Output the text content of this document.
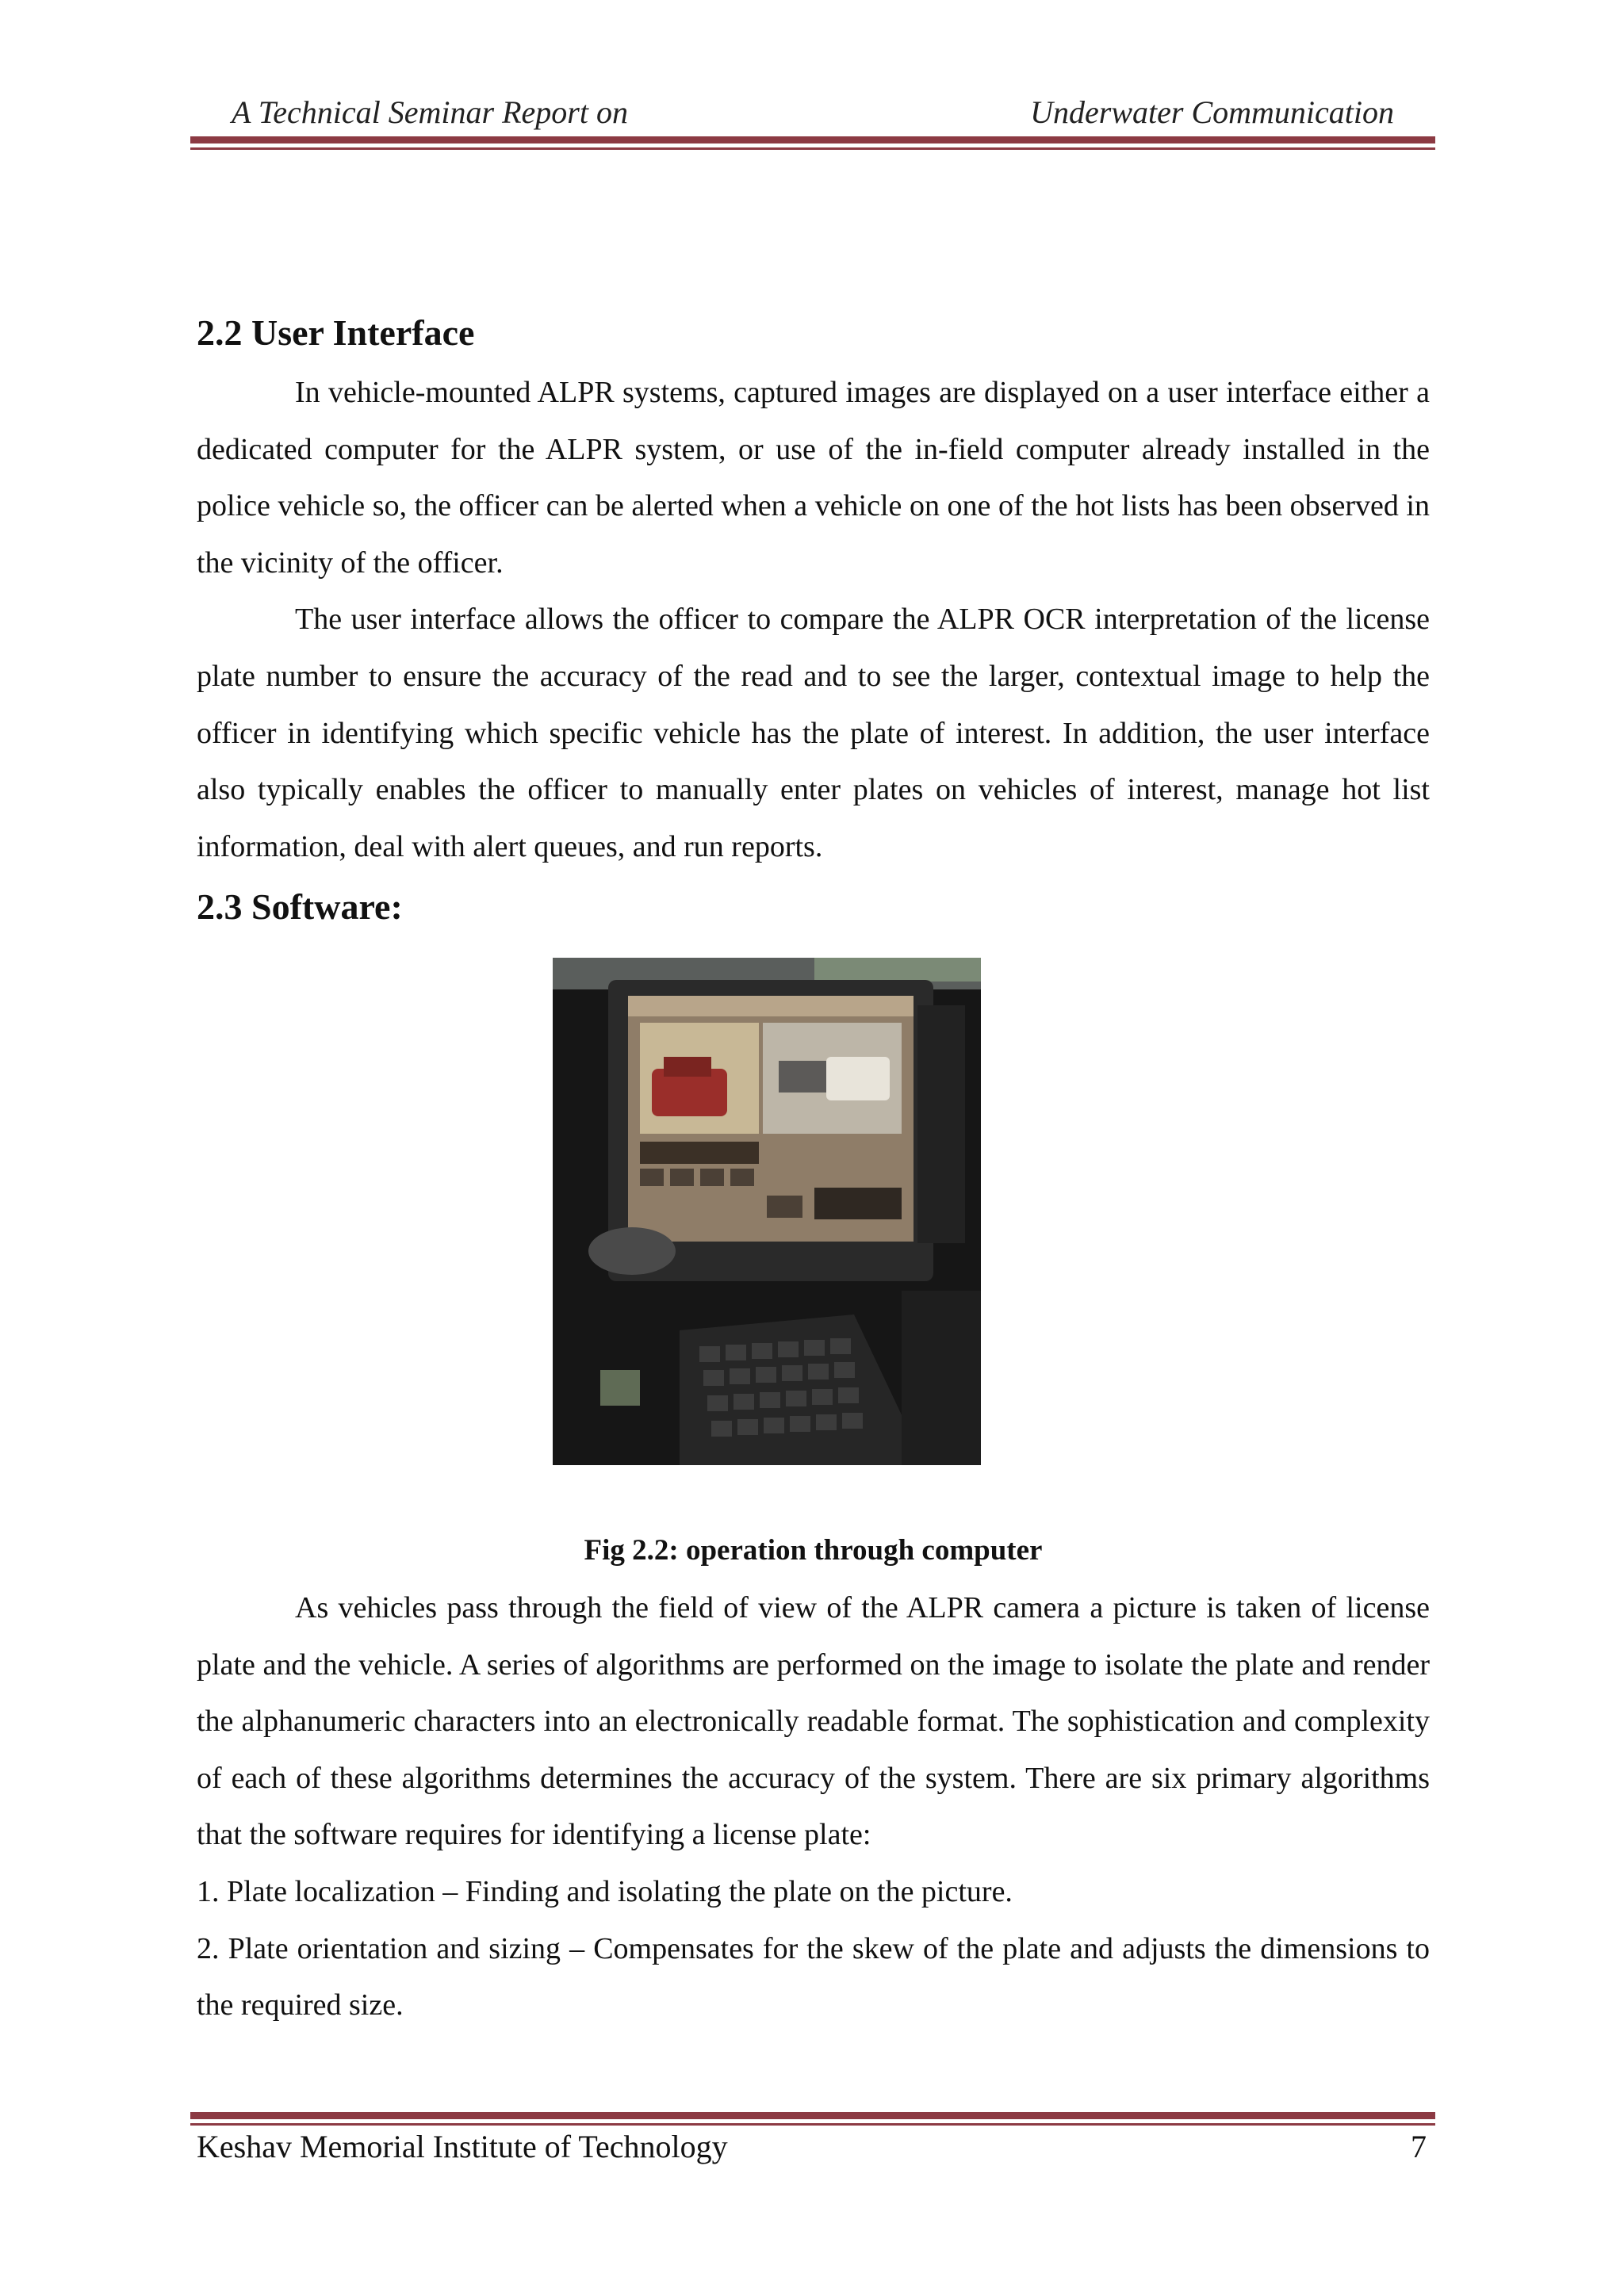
A Technical Seminar Report on	Underwater Communication
2.2 User Interface

In vehicle-mounted ALPR systems, captured images are displayed on a user interface either a dedicated computer for the ALPR system, or use of the in-field computer already installed in the police vehicle so, the officer can be alerted when a vehicle on one of the hot lists has been observed in the vicinity of the officer.

The user interface allows the officer to compare the ALPR OCR interpretation of the license plate number to ensure the accuracy of the read and to see the larger, contextual image to help the officer in identifying which specific vehicle has the plate of interest. In addition, the user interface also typically enables the officer to manually enter plates on vehicles of interest, manage hot list information, deal with alert queues, and run reports.

2.3 Software:
Fig 2.2: operation through computer

As vehicles pass through the field of view of the ALPR camera a picture is taken of license plate and the vehicle. A series of algorithms are performed on the image to isolate the plate and render the alphanumeric characters into an electronically readable format. The sophistication and complexity of each of these algorithms determines the accuracy of the system. There are six primary algorithms that the software requires for identifying a license plate:

1. Plate localization – Finding and isolating the plate on the picture.

2. Plate orientation and sizing – Compensates for the skew of the plate and adjusts the dimensions to the required size.

Keshav Memorial Institute of Technology	7
